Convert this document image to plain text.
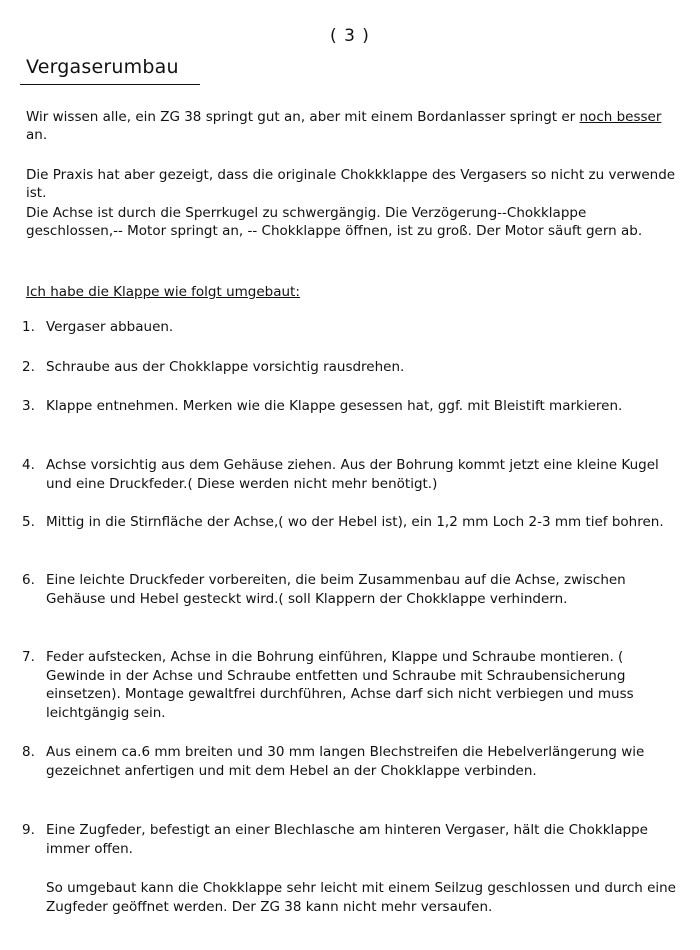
( 3 )
Vergaserumbau

Wir wissen alle, ein ZG 38 springt gut an, aber mit einem Bordanlasser springt er noch besser an.

Die Praxis hat aber gezeigt, dass die originale Chokkklappe des Vergasers so nicht zu verwende ist.

Die Achse ist durch die Sperrkugel zu schwergängig. Die Verzögerung--Chokklappe geschlossen,-- Motor springt an, -- Chokklappe öffnen, ist zu groß. Der Motor säuft gern ab.

Ich habe die Klappe wie folgt umgebaut:

1. Vergaser abbauen.
2. Schraube aus der Chokklappe vorsichtig rausdrehen.
3. Klappe entnehmen. Merken wie die Klappe gesessen hat, ggf. mit Bleistift markieren.
4. Achse vorsichtig aus dem Gehäuse ziehen. Aus der Bohrung kommt jetzt eine kleine Kugel und eine Druckfeder.( Diese werden nicht mehr benötigt.)
5. Mittig in die Stirnfläche der Achse,( wo der Hebel ist), ein 1,2 mm Loch 2-3 mm tief bohren.
6. Eine leichte Druckfeder vorbereiten, die beim Zusammenbau auf die Achse, zwischen Gehäuse und Hebel gesteckt wird.( soll Klappern der Chokklappe verhindern.
7. Feder aufstecken, Achse in die Bohrung einführen, Klappe und Schraube montieren. ( Gewinde in der Achse und Schraube entfetten und Schraube mit Schraubensicherung einsetzen). Montage gewaltfrei durchführen, Achse darf sich nicht verbiegen und muss leichtgängig sein.
8. Aus einem ca.6 mm breiten und 30 mm langen Blechstreifen die Hebelverlängerung wie gezeichnet anfertigen und mit dem Hebel an der Chokklappe verbinden.
9. Eine Zugfeder, befestigt an einer Blechlasche am hinteren Vergaser, hält die Chokklappe immer offen.
So umgebaut kann die Chokklappe sehr leicht mit einem Seilzug geschlossen und durch eine Zugfeder geöffnet werden. Der ZG 38 kann nicht mehr versaufen.
